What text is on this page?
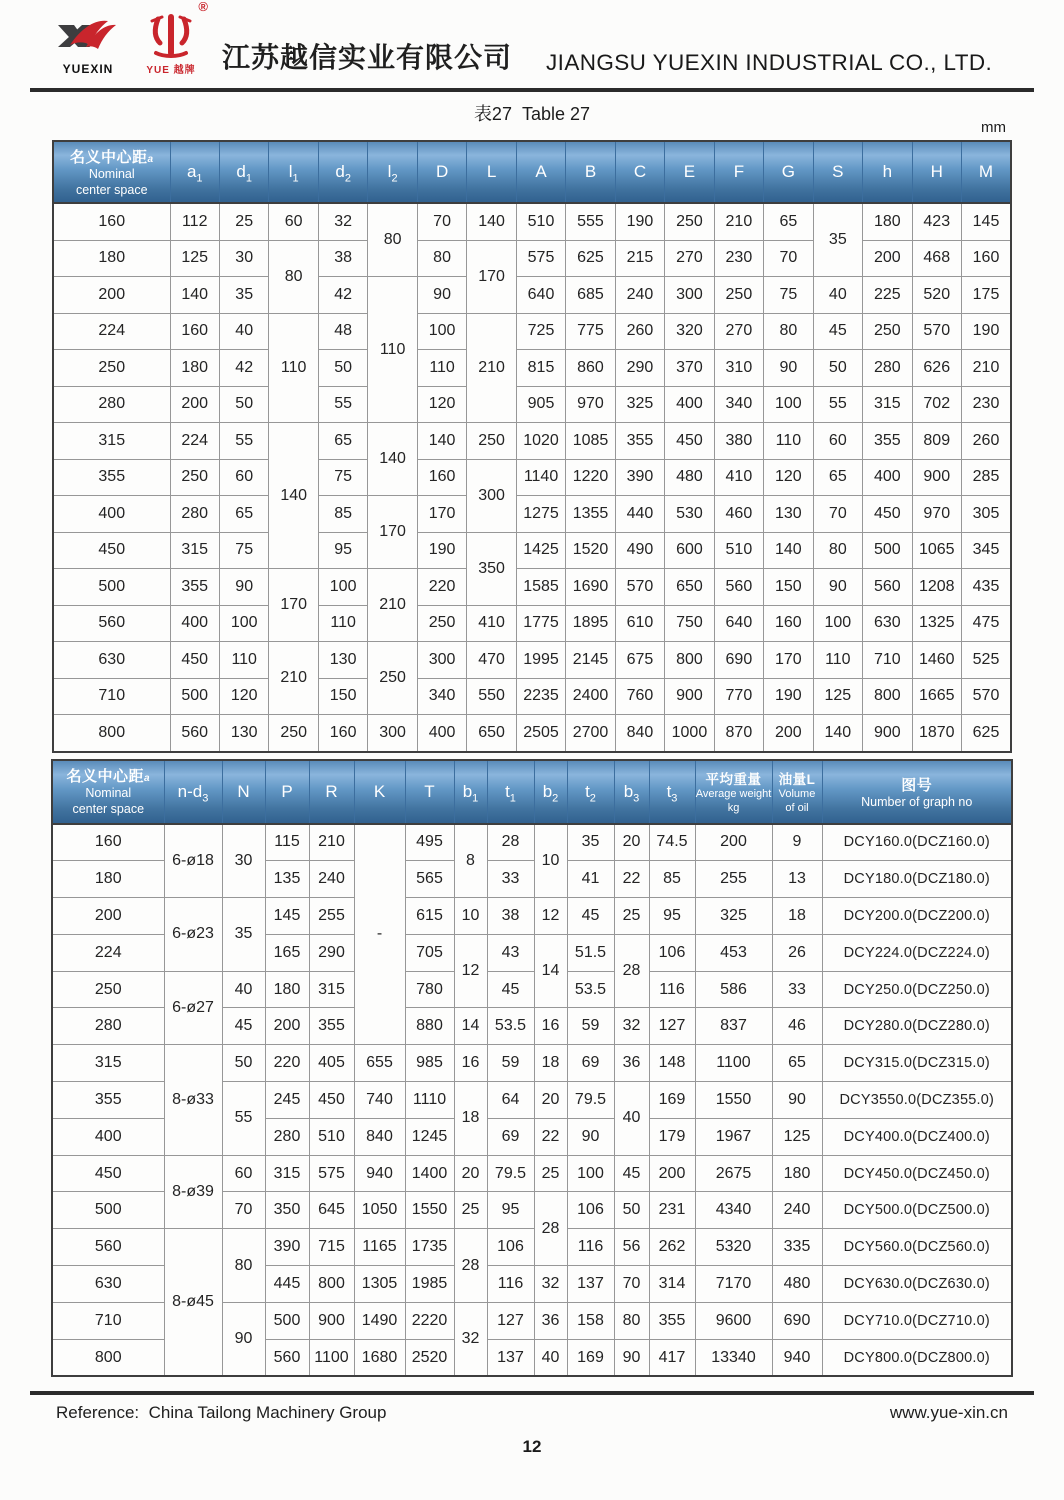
YUEXIN
®
YUE 越牌 江苏越信实业有限公司 JIANGSU YUEXIN INDUSTRIAL CO., LTD.
表27 Table 27
mm
名义中心距a
Nominal
center space	$a_1$	$d_1$	$l_1$	$d_2$	$l_2$	D	L	A	B	C	E	F	G	S	h	H	M
160	112	25	60	32	80	70	140	510	555	190	250	210	65	35	180	423	145
180	125	30	80	38		80	170	575	625	215	270	230	70		200	468	160
200	140	35		42	110	90		640	685	240	300	250	75	40	225	520	175
224	160	40	110	48		100	210	725	775	260	320	270	80	45	250	570	190
250	180	42		50		110		815	860	290	370	310	90	50	280	626	210
280	200	50		55		120		905	970	325	400	340	100	55	315	702	230
315	224	55	140	65	140	140	250	1020	1085	355	450	380	110	60	355	809	260
355	250	60		75		160	300	1140	1220	390	480	410	120	65	400	900	285
400	280	65		85	170	170		1275	1355	440	530	460	130	70	450	970	305
450	315	75		95		190	350	1425	1520	490	600	510	140	80	500	1065	345
500	355	90	170	100	210	220		1585	1690	570	650	560	150	90	560	1208	435
560	400	100		110		250	410	1775	1895	610	750	640	160	100	630	1325	475
630	450	110	210	130	250	300	470	1995	2145	675	800	690	170	110	710	1460	525
710	500	120		150		340	550	2235	2400	760	900	770	190	125	800	1665	570
800	560	130	250	160	300	400	650	2505	2700	840	1000	870	200	140	900	1870	625
名义中心距a
Nominal
center space
	$n-d_3$	N	P	R	K	T	$b_1$	$t_1$	$b_2$	$t_2$	$b_3$	$t_3$	
平均重量
Average weight
kg

油量L
Volume
of oil

图号
Number of graph no

160	6-ø18	30	115	210	-	495	8	28	10	35	20	74.5	200	9	DCY160.0(DCZ160.0)
180			135	240		565		33		41	22	85	255	13	DCY180.0(DCZ180.0)
200	6-ø23	35	145	255		615	10	38	12	45	25	95	325	18	DCY200.0(DCZ200.0)
224			165	290		705	12	43	14	51.5	28	106	453	26	DCY224.0(DCZ224.0)
250	6-ø27	40	180	315		780		45		53.5		116	586	33	DCY250.0(DCZ250.0)
280		45	200	355		880	14	53.5	16	59	32	127	837	46	DCY280.0(DCZ280.0)
315	8-ø33	50	220	405	655	985	16	59	18	69	36	148	1100	65	DCY315.0(DCZ315.0)
355		55	245	450	740	1110	18	64	20	79.5	40	169	1550	90	DCY3550.0(DCZ355.0)
400			280	510	840	1245		69	22	90		179	1967	125	DCY400.0(DCZ400.0)
450	8-ø39	60	315	575	940	1400	20	79.5	25	100	45	200	2675	180	DCY450.0(DCZ450.0)
500		70	350	645	1050	1550	25	95	28	106	50	231	4340	240	DCY500.0(DCZ500.0)
560	8-ø45	80	390	715	1165	1735	28	106		116	56	262	5320	335	DCY560.0(DCZ560.0)
630			445	800	1305	1985		116	32	137	70	314	7170	480	DCY630.0(DCZ630.0)
710		90	500	900	1490	2220	32	127	36	158	80	355	9600	690	DCY710.0(DCZ710.0)
800			560	1100	1680	2520		137	40	169	90	417	13340	940	DCY800.0(DCZ800.0)
Reference: China Tailong Machinery Group	www.yue-xin.cn
12
